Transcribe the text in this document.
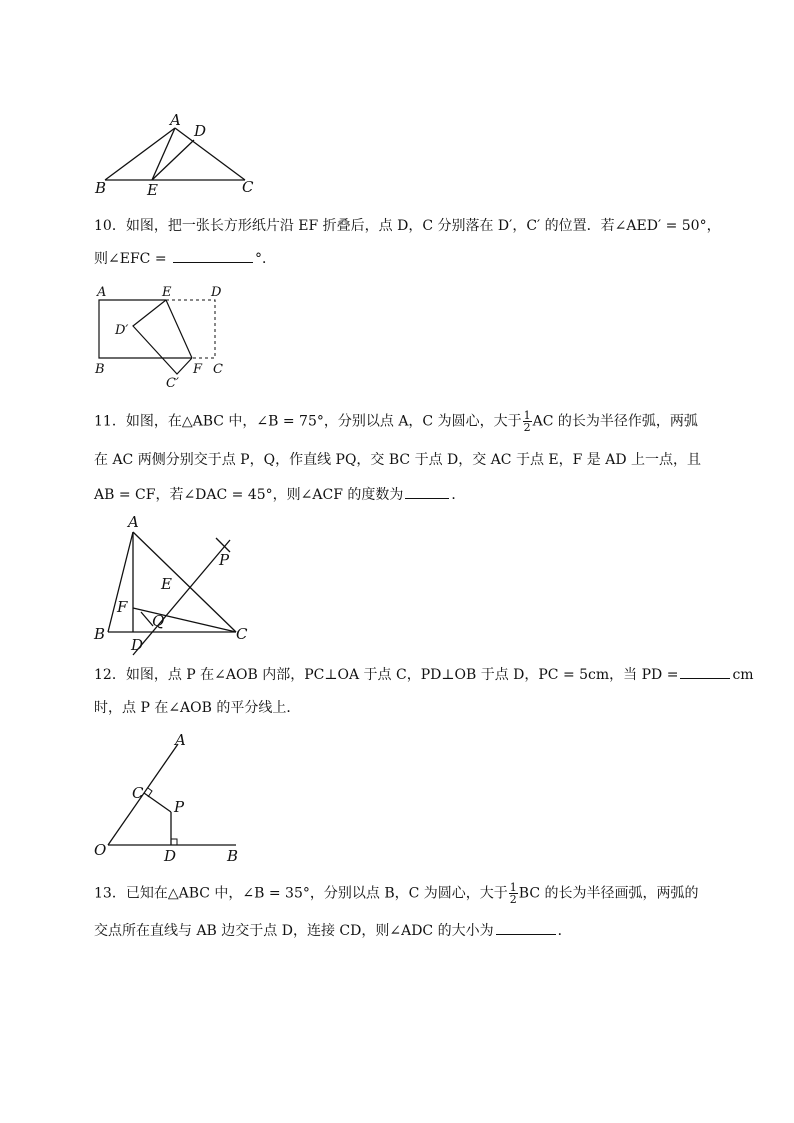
A
D
B	E	C
10．如图，把一张长方形纸片沿 EF 折叠后，点 D，C 分别落在 D′，C′ 的位置．若∠AED′ = 50°，
则∠EFC =	°．
A	E	D
D′
B
C′
F C
11．如图，在△ABC 中，∠B = 75°，分别以点 A，C 为圆心，大于 $\frac{1}{2}$ AC 的长为半径作弧，两弧
在 AC 两侧分别交于点 P，Q，作直线 PQ，交 BC 于点 D，交 AC 于点 E，F 是 AD 上一点，且
AB = CF，若∠DAC = 45°，则∠ACF 的度数为	．
A
P
E
F
Q
B
D
C
12．如图，点 P 在∠AOB 内部，PC⊥OA 于点 C，PD⊥OB 于点 D，PC = 5cm，当 PD =	cm
时，点 P 在∠AOB 的平分线上．
A
C
P
O	D	B
13．已知在△ABC 中，∠B = 35°，分别以点 B，C 为圆心，大于 $\frac{1}{2}$ BC 的长为半径画弧，两弧的
交点所在直线与 AB 边交于点 D，连接 CD，则∠ADC 的大小为	．
